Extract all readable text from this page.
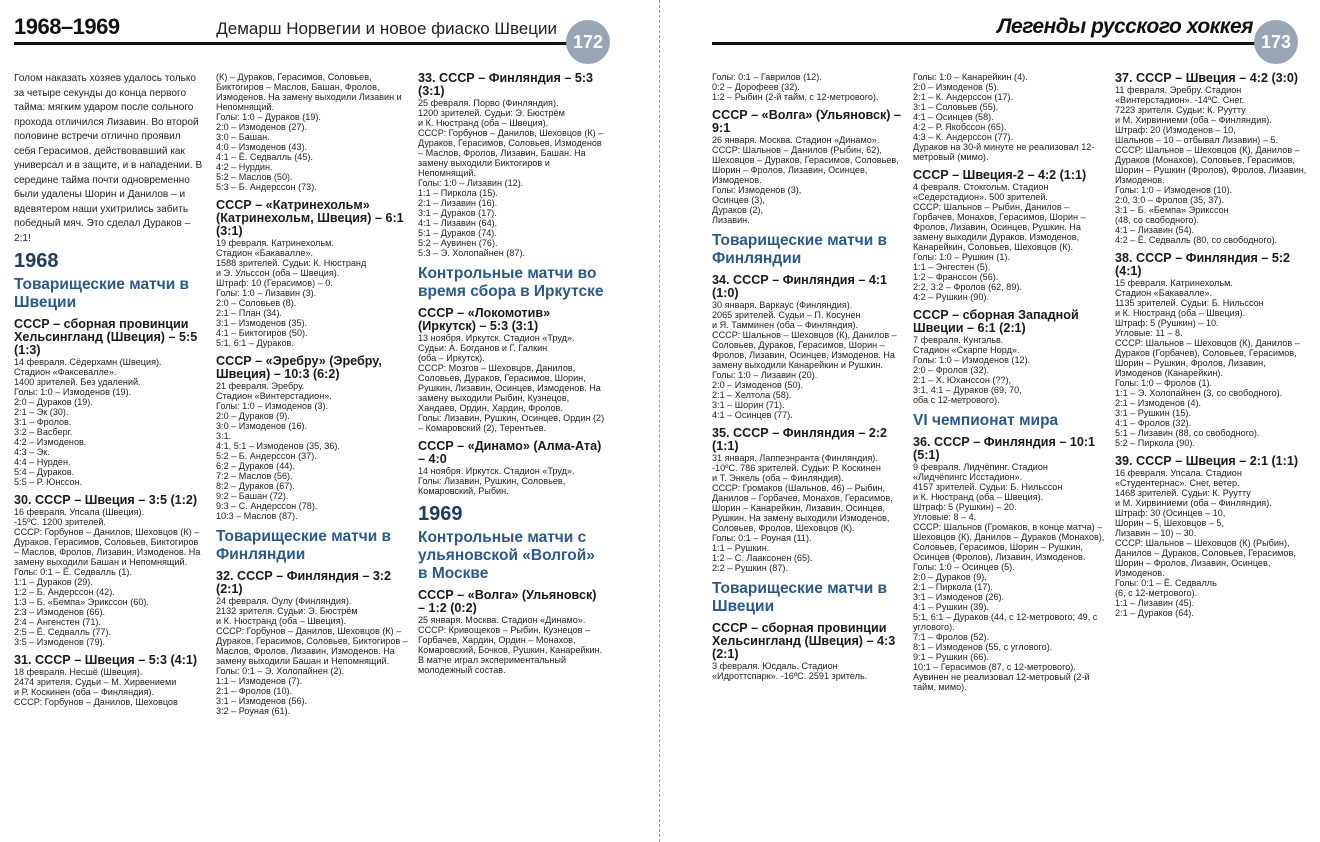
1968–1969	Демарш Норвегии и новое фиаско Швеции
172
Голом наказать хозяев удалось только за четыре секунды до конца первого тайма: мягким ударом после сольного прохода отличился Лизавин. Во второй половине встречи отлично проявил себя Герасимов, действовавший как универсал и в защите, и в нападении. В середине тайма почти одновременно были удалены Шорин и Данилов – и вдевятером наши ухитрились забить победный мяч. Это сделал Дураков – 2:1!
1968
Товарищеские матчи в Швеции
СССР – сборная провинции Хельсингланд (Швеция) – 5:5 (1:3)
14 февраля. Сёдерхамн (Швеция).
Стадион «Факсевалле».
1400 зрителей. Без удалений.
Голы: 1:0 – Измоденов (19).
2:0 – Дураков (19).
2:1 – Эк (30).
3:1 – Фролов.
3:2 – Васберг.
4:2 – Измоденов.
4:3 – Эк.
4:4 – Нурден.
5:4 – Дураков.
5:5 – Р. Юнссон.
30. СССР – Швеция – 3:5 (1:2)
16 февраля. Упсала (Швеция).
-15ºС. 1200 зрителей.
СССР: Горбунов – Данилов, Шеховцов (К) – Дураков, Герасимов, Соловьев, Биктогиров – Маслов, Фролов, Лизавин, Измоденов. На замену выходили Башан и Непомнящий.
Голы: 0:1 – Ё. Седвалль (1).
1:1 – Дураков (29).
1:2 – Б. Андерссон (42).
1:3 – Б. «Бемпа» Эрикссон (60).
2:3 – Измоденов (66).
2:4 – Ангенстен (71).
2:5 – Ё. Седвалль (77).
3:5 – Измоденов (79).
31. СССР – Швеция – 5:3 (4:1)
18 февраля. Несшё (Швеция).
2474 зрителя. Судьи – М. Хирвениеми
и Р. Коскинен (оба – Финляндия).
СССР: Горбунов – Данилов, Шеховцов
(К) – Дураков, Герасимов, Соловьев, Биктогиров – Маслов, Башан, Фролов, Измоденов. На замену выходили Лизавин и Непомнящий.
Голы: 1:0 – Дураков (19).
2:0 – Измоденов (27).
3:0 – Башан.
4:0 – Измоденов (43).
4:1 – Ё. Седвалль (45).
4:2 – Нурдин.
5:2 – Маслов (50).
5:3 – Б. Андерссон (73).
СССР – «Катринехольм» (Катринехольм, Швеция) – 6:1 (3:1)
19 февраля. Катринехольм.
Стадион «Бакавалле».
1588 зрителей. Судьи: К. Нюстранд
и Э. Ульссон (оба – Швеция).
Штраф: 10 (Герасимов) – 0.
Голы: 1:0 – Лизавин (3).
2:0 – Соловьев (8).
2:1 – План (34).
3:1 – Измоденов (35).
4:1 – Биктогиров (50).
5:1, 6:1 – Дураков.
СССР – «Эребру» (Эребру, Швеция) – 10:3 (6:2)
21 февраля. Эребру.
Стадион «Винтерстадион».
Голы: 1:0 – Измоденов (3).
2:0 – Дураков (9).
3:0 – Измоденов (16).
3:1.
4:1, 5:1 – Измоденов (35, 36).
5:2 – Б. Андерссон (37).
6:2 – Дураков (44).
7:2 – Маслов (56).
8:2 – Дураков (67).
9:2 – Башан (72).
9:3 – С. Андерссон (78).
10:3 – Маслов (87).
Товарищеские матчи в Финляндии
32. СССР – Финляндия – 3:2 (2:1)
24 февраля. Оулу (Финляндия).
2132 зрителя. Судьи: Э. Бюстрём
и К. Нюстранд (оба – Швеция).
СССР: Горбунов – Данилов, Шеховцов (К) – Дураков, Герасимов, Соловьев, Биктогиров – Маслов, Фролов, Лизавин, Измоденов. На замену выходили Башан и Непомнящий.
Голы: 0:1 – Э. Холопайнен (2).
1:1 – Измоденов (7).
2:1 – Фролов (10).
3:1 – Измоденов (56).
3:2 – Роуная (61).
33. СССР – Финляндия – 5:3 (3:1)
25 февраля. Порво (Финляндия).
1200 зрителей. Судьи: Э. Бюстрём
и К. Нюстранд (оба – Швеция).
СССР: Горбунов – Данилов, Шеховцов (К) – Дураков, Герасимов, Соловьев, Измоденов – Маслов, Фролов, Лизавин, Башан. На замену выходили Биктогиров и Непомнящий.
Голы: 1:0 – Лизавин (12).
1:1 – Пиркола (15).
2:1 – Лизавин (16).
3:1 – Дураков (17).
4:1 – Лизавин (64).
5:1 – Дураков (74).
5:2 – Аувинен (76).
5:3 – Э. Холопайнен (87).
Контрольные матчи во время сбора в Иркутске
СССР – «Локомотив» (Иркутск) – 5:3 (3:1)
13 ноября. Иркутск. Стадион «Труд».
Судьи: А. Богданов и Г. Галкин
(оба – Иркутск).
СССР: Мозгов – Шеховцов, Данилов, Соловьев, Дураков, Герасимов, Шорин, Рушкин, Лизавин, Осинцев, Измоденов. На замену выходили Рыбин, Кузнецов, Хандаев, Ордин, Хардин, Фролов.
Голы: Лизавин, Рушкин, Осинцев, Ордин (2) – Комаровский (2), Терентьев.
СССР – «Динамо» (Алма-Ата) – 4:0
14 ноября. Иркутск. Стадион «Труд».
Голы: Лизавин, Рушкин, Соловьев, Комаровский, Рыбин.
1969
Контрольные матчи с ульяновской «Волгой» в Москве
СССР – «Волга» (Ульяновск) – 1:2 (0:2)
25 января. Москва. Стадион «Динамо».
СССР: Кривощеков – Рыбин, Кузнецов – Горбачев, Хардин, Ордин – Монахов, Комаровский, Бочков, Рушкин, Канарейкин.
В матче играл экспериментальный молодежный состав.
Легенды русского хоккея
173
Голы: 0:1 – Гаврилов (12).
0:2 – Дорофеев (32).
1:2 – Рыбин (2-й тайм, с 12-метрового).
СССР – «Волга» (Ульяновск) – 9:1
26 января. Москва. Стадион «Динамо».
СССР: Шальнов – Данилов (Рыбин, 62), Шеховцов – Дураков, Герасимов, Соловьев, Шорин – Фролов, Лизавин, Осинцев, Измоденов.
Голы: Измоденов (3),
Осинцев (3),
Дураков (2),
Лизавин.
Товарищеские матчи в Финляндии
34. СССР – Финляндия – 4:1 (1:0)
30 января. Варкаус (Финляндия).
2065 зрителей. Судьи – П. Косунен
и Я. Тамминен (оба – Финляндия).
СССР: Шальнов – Шеховцов (К), Данилов – Соловьев, Дураков, Герасимов, Шорин – Фролов, Лизавин, Осинцев, Измоденов. На замену выходили Канарейкин и Рушкин.
Голы: 1:0 – Лизавин (20).
2:0 – Измоденов (50).
2:1 – Хелтола (58).
3:1 – Шорин (71).
4:1 – Осинцев (77).
35. СССР – Финляндия – 2:2 (1:1)
31 января. Лаппеэнранта (Финляндия).
-10ºС. 786 зрителей. Судьи: Р. Коскинен
и Т. Энкель (оба – Финляндия).
СССР: Громаков (Шальнов, 46) – Рыбин, Данилов – Горбачев, Монахов, Герасимов, Шорин – Канарейкин, Лизавин, Осинцев, Рушкин. На замену выходили Измоденов, Соловьев, Фролов, Шеховцов (К).
Голы: 0:1 – Роуная (11).
1:1 – Рушкин.
1:2 – С. Лааксонен (65).
2:2 – Рушкин (87).
Товарищеские матчи в Швеции
СССР – сборная провинции Хельсингланд (Швеция) – 4:3 (2:1)
3 февраля. Юсдаль. Стадион
«Идроттспарк». -16ºС. 2591 зритель.
Голы: 1:0 – Канарейкин (4).
2:0 – Измоденов (5).
2:1 – К. Андерссон (17).
3:1 – Соловьев (55).
4:1 – Осинцев (58).
4:2 – Р. Якобссон (65).
4:3 – К. Андерссон (77).
Дураков на 30-й минуте не реализовал 12-метровый (мимо).
СССР – Швеция-2 – 4:2 (1:1)
4 февраля. Стокгольм. Стадион
«Седерстадион». 500 зрителей.
СССР: Шальнов – Рыбин, Данилов – Горбачев, Монахов, Герасимов, Шорин – Фролов, Лизавин, Осинцев, Рушкин. На замену выходили Дураков, Измоденов, Канарейкин, Соловьев, Шеховцов (К).
Голы: 1:0 – Рушкин (1).
1:1 – Энгестен (5).
1:2 – Франссон (56).
2:2, 3:2 – Фролов (62, 89).
4:2 – Рушкин (90).
СССР – сборная Западной Швеции – 6:1 (2:1)
7 февраля. Кунгэльв.
Стадион «Скарпе Норд».
Голы: 1:0 – Измоденов (12).
2:0 – Фролов (32).
2:1 – Х. Юханссон (??),
3:1, 4:1 – Дураков (69, 70,
оба с 12-метрового).
VI чемпионат мира
36. СССР – Финляндия – 10:1 (5:1)
9 февраля. Лидчёпинг. Стадион
«Лидчёпингс Исстадион».
4157 зрителей. Судьи: Б. Нильссон
и К. Нюстранд (оба – Швеция).
Штраф: 5 (Рушкин) – 20.
Угловые: 8 – 4.
СССР: Шальнов (Громаков, в конце матча) – Шеховцов (К), Данилов – Дураков (Монахов), Соловьев, Герасимов, Шорин – Рушкин, Осинцев (Фролов), Лизавин, Измоденов.
Голы: 1:0 – Осинцев (5).
2:0 – Дураков (9).
2:1 – Пиркола (17).
3:1 – Измоденов (26).
4:1 – Рушкин (39).
5:1, 6:1 – Дураков (44, с 12-метрового; 49, с углового).
7:1 – Фролов (52).
8:1 – Измоденов (55, с углового).
9:1 – Рушкин (66).
10:1 – Герасимов (87, с 12-метрового).
Аувинен не реализовал 12-метровый (2-й тайм, мимо).
37. СССР – Швеция – 4:2 (3:0)
11 февраля. Эребру. Стадион
«Винтерстадион». -14ºС. Снег.
7223 зрителя. Судьи: К. Руутту
и М. Хирвиниеми (оба – Финляндия).
Штраф: 20 (Измоденов – 10,
Шальнов – 10 – отбывал Лизавин) – 5.
СССР: Шальнов – Шеховцов (К), Данилов – Дураков (Монахов), Соловьев, Герасимов, Шорин – Рушкин (Фролов), Фролов, Лизавин, Измоденов.
Голы: 1:0 – Измоденов (10).
2:0, 3:0 – Фролов (35, 37).
3:1 – Б. «Бемпа» Эрикссон
(48, со свободного).
4:1 – Лизавин (54).
4:2 – Ё. Седвалль (80, со свободного).
38. СССР – Финляндия – 5:2 (4:1)
15 февраля. Катринехольм.
Стадион «Бакавалле».
1135 зрителей. Судьи: Б. Нильссон
и К. Нюстранд (оба – Швеция).
Штраф: 5 (Рушкин) – 10.
Угловые: 11 – 8.
СССР: Шальнов – Шеховцов (К), Данилов – Дураков (Горбачев), Соловьев, Герасимов, Шорин – Рушкин, Фролов, Лизавин, Измоденов (Канарейкин).
Голы: 1:0 – Фролов (1).
1:1 – Э. Холопайнен (3, со свободного).
2:1 – Измоденов (4).
3:1 – Рушкин (15).
4:1 – Фролов (32).
5:1 – Лизавин (88, со свободного).
5:2 – Пиркола (90).
39. СССР – Швеция – 2:1 (1:1)
16 февраля. Упсала. Стадион
«Студентернас». Снег, ветер.
1468 зрителей. Судьи: К. Руутту
и М. Хирвиниеми (оба – Финляндия).
Штраф: 30 (Осинцев – 10,
Шорин – 5, Шеховцов – 5,
Лизавин – 10) – 30.
СССР: Шальнов – Шеховцов (К) (Рыбин), Данилов – Дураков, Соловьев, Герасимов, Шорин – Фролов, Лизавин, Осинцев, Измоденов.
Голы: 0:1 – Ё. Седвалль
(6, с 12-метрового).
1:1 – Лизавин (45).
2:1 – Дураков (64).
